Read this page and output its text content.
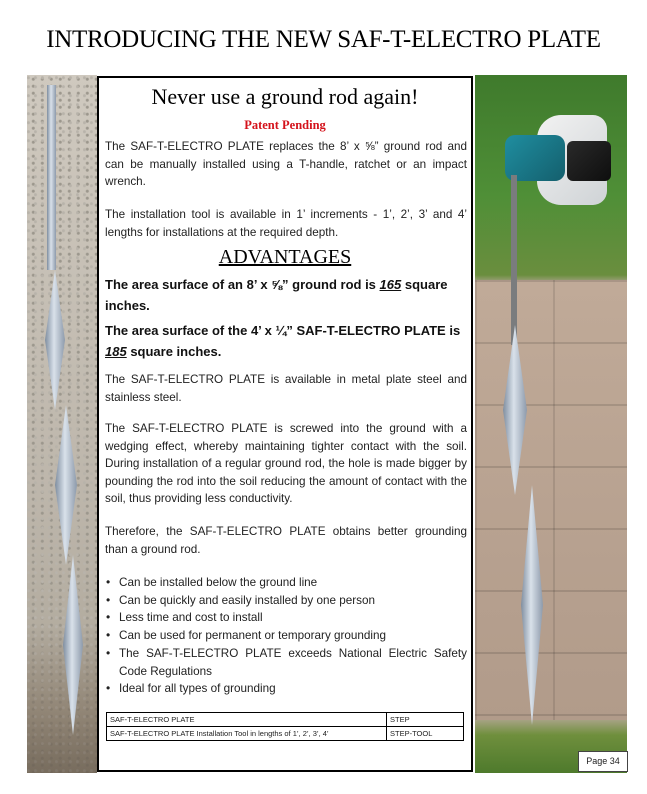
INTRODUCING THE NEW SAF-T-ELECTRO PLATE
Never use a ground rod again!
Patent Pending
The SAF-T-ELECTRO PLATE replaces the 8’ x ⅝” ground rod and can be manually installed using a T-handle, ratchet or an impact wrench.
The installation tool is available in 1’ increments - 1’, 2’, 3’ and 4’ lengths for installations at the required depth.
ADVANTAGES
The area surface of an 8’ x ⅝” ground rod is 165 square inches.
The area surface of the 4’ x ¼” SAF-T-ELECTRO PLATE is 185 square inches.
The SAF-T-ELECTRO PLATE is available in metal plate steel and stainless steel.
The SAF-T-ELECTRO PLATE is screwed into the ground with a wedging effect, whereby maintaining tighter contact with the soil. During installation of a regular ground rod, the hole is made bigger by pounding the rod into the soil reducing the amount of contact with the soil, thus providing less conductivity.
Therefore, the SAF-T-ELECTRO PLATE obtains better grounding than a ground rod.
• Can be installed below the ground line
• Can be quickly and easily installed by one person
• Less time and cost to install
• Can be used for permanent or temporary grounding
• The SAF-T-ELECTRO PLATE exceeds National Electric Safety Code Regulations
• Ideal for all types of grounding
SAF-T-ELECTRO PLATE	STEP
SAF-T-ELECTRO PLATE Installation Tool in lengths of 1’, 2’, 3’, 4’	STEP-TOOL
Page 34
